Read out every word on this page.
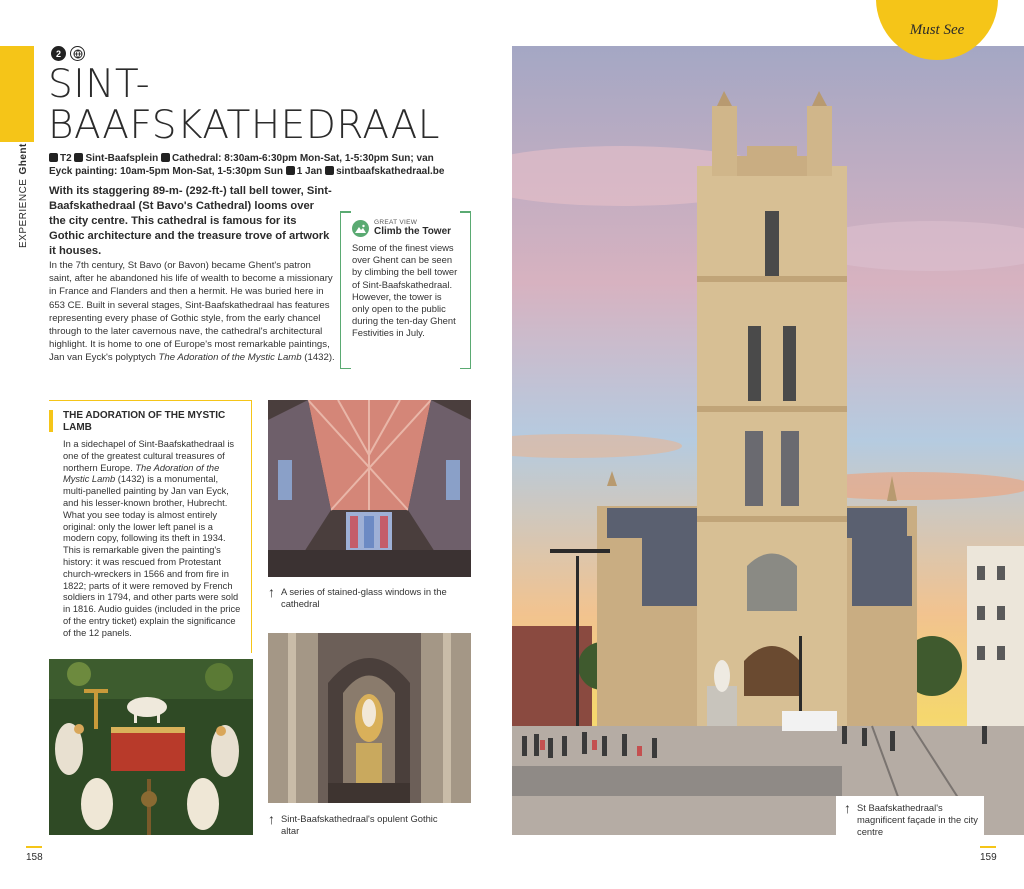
EXPERIENCEGhent
2
SINT-
BAAFSKATHEDRAAL
T2 Sint-Baafsplein Cathedral: 8:30am-6:30pm Mon-Sat, 1-5:30pm Sun; van Eyck painting: 10am-5pm Mon-Sat, 1-5:30pm Sun 1 Jan sintbaafskathedraal.be
With its staggering 89-m- (292-ft-) tall bell tower, Sint-Baafskathedraal (St Bavo's Cathedral) looms over the city centre. This cathedral is famous for its Gothic architecture and the treasure trove of artwork it houses.
In the 7th century, St Bavo (or Bavon) became Ghent's patron saint, after he abandoned his life of wealth to become a missionary in France and Flanders and then a hermit. He was buried here in 653 CE. Built in several stages, Sint-Baafskathedraal has features representing every phase of Gothic style, from the early chancel through to the later cavernous nave, the cathedral's architectural highlight. It is home to one of Europe's most remarkable paintings, Jan van Eyck's polyptych The Adoration of the Mystic Lamb (1432).
GREAT VIEW
Climb the Tower
Some of the finest views over Ghent can be seen by climbing the bell tower of Sint-Baafskathedraal. However, the tower is only open to the public during the ten-day Ghent Festivities in July.
THE ADORATION OF THE MYSTIC LAMB
In a sidechapel of Sint-Baafskathedraal is one of the greatest cultural treasures of northern Europe. The Adoration of the Mystic Lamb (1432) is a monumental, multi-panelled painting by Jan van Eyck, and his lesser-known brother, Hubrecht. What you see today is almost entirely original: only the lower left panel is a modern copy, following its theft in 1934. This is remarkable given the painting's history: it was rescued from Protestant church-wreckers in 1566 and from fire in 1822; parts of it were removed by French soldiers in 1794, and other parts were sold in 1816. Audio guides (included in the price of the entry ticket) explain the significance of the 12 panels.
↑ A series of stained-glass windows in the cathedral
↑ Sint-Baafskathedraal's opulent Gothic altar
158
Must See
↑ St Baafskathedraal's magnificent façade in the city centre
159
